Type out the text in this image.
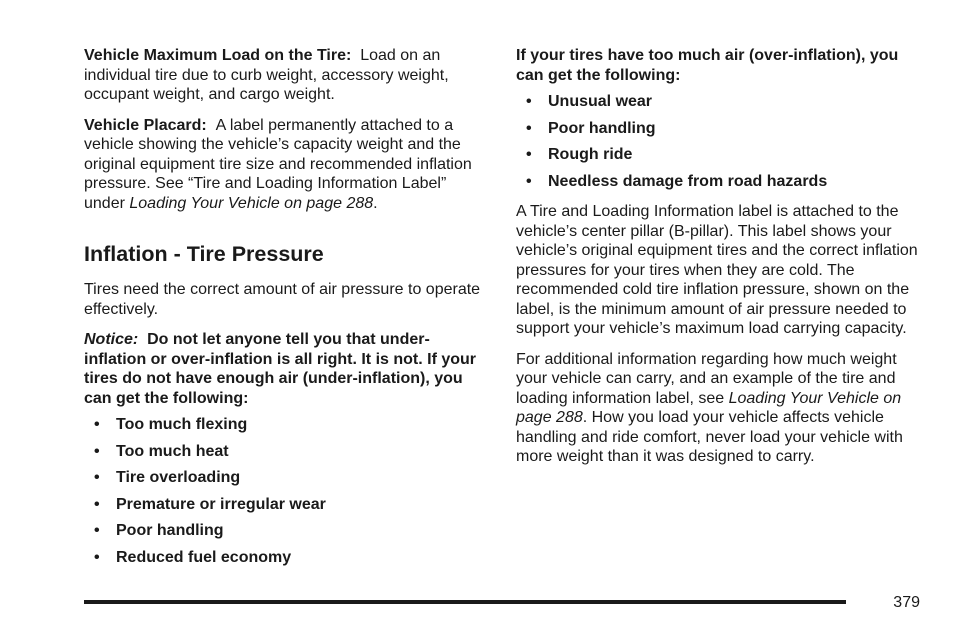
Vehicle Maximum Load on the Tire: Load on an individual tire due to curb weight, accessory weight, occupant weight, and cargo weight.

Vehicle Placard: A label permanently attached to a vehicle showing the vehicle’s capacity weight and the original equipment tire size and recommended inflation pressure. See “Tire and Loading Information Label” under Loading Your Vehicle on page 288.

Inflation - Tire Pressure

Tires need the correct amount of air pressure to operate effectively.

Notice: Do not let anyone tell you that under-inflation or over-inflation is all right. It is not. If your tires do not have enough air (under-inflation), you can get the following:

• Too much flexing
• Too much heat
• Tire overloading
• Premature or irregular wear
• Poor handling
• Reduced fuel economy

If your tires have too much air (over-inflation), you can get the following:

• Unusual wear
• Poor handling
• Rough ride
• Needless damage from road hazards

A Tire and Loading Information label is attached to the vehicle’s center pillar (B-pillar). This label shows your vehicle’s original equipment tires and the correct inflation pressures for your tires when they are cold. The recommended cold tire inflation pressure, shown on the label, is the minimum amount of air pressure needed to support your vehicle’s maximum load carrying capacity.

For additional information regarding how much weight your vehicle can carry, and an example of the tire and loading information label, see Loading Your Vehicle on page 288. How you load your vehicle affects vehicle handling and ride comfort, never load your vehicle with more weight than it was designed to carry.

379
